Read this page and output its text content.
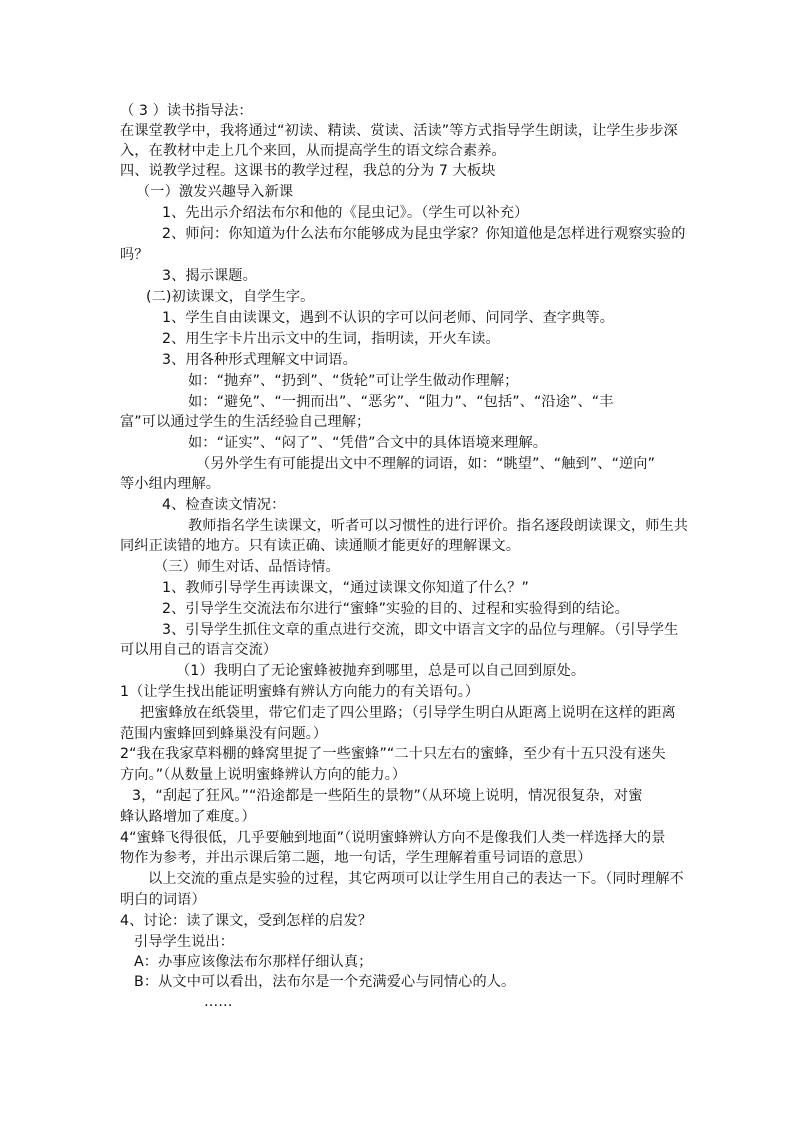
（ 3 ）读书指导法：
在课堂教学中，我将通过“初读、精读、赏读、活读”等方式指导学生朗读，让学生步步深
入，在教材中走上几个来回，从而提高学生的语文综合素养。
四、说教学过程。这课书的教学过程，我总的分为 7 大板块
（一）激发兴趣导入新课
1、先出示介绍法布尔和他的《昆虫记》。（学生可以补充）
2、师问：你知道为什么法布尔能够成为昆虫学家？你知道他是怎样进行观察实验的
吗？
3、揭示课题。
(二)初读课文，自学生字。
1、学生自由读课文，遇到不认识的字可以问老师、问同学、查字典等。
2、用生字卡片出示文中的生词，指明读，开火车读。
3、用各种形式理解文中词语。
如：“抛弃”、“扔到”、“货轮”可让学生做动作理解；
如：“避免”、“一拥而出”、“恶劣”、“阻力”、“包括”、“沿途”、“丰
富”可以通过学生的生活经验自己理解；
如：“证实”、“闷了”、“凭借”合文中的具体语境来理解。
（另外学生有可能提出文中不理解的词语，如：“眺望”、“触到”、“逆向”
等小组内理解。
4、检查读文情况：
教师指名学生读课文，听者可以习惯性的进行评价。指名逐段朗读课文，师生共
同纠正读错的地方。只有读正确、读通顺才能更好的理解课文。
（三）师生对话、品悟诗情。
1、教师引导学生再读课文，“通过读课文你知道了什么？”
2、引导学生交流法布尔进行“蜜蜂”实验的目的、过程和实验得到的结论。
3、引导学生抓住文章的重点进行交流，即文中语言文字的品位与理解。（引导学生
可以用自己的语言交流）
（1）我明白了无论蜜蜂被抛弃到哪里，总是可以自己回到原处。
1（让学生找出能证明蜜蜂有辨认方向能力的有关语句。）
把蜜蜂放在纸袋里，带它们走了四公里路；（引导学生明白从距离上说明在这样的距离
范围内蜜蜂回到蜂巢没有问题。）
2“我在我家草料棚的蜂窝里捉了一些蜜蜂”“二十只左右的蜜蜂，至少有十五只没有迷失
方向。”（从数量上说明蜜蜂辨认方向的能力。）
3，“刮起了狂风。”“沿途都是一些陌生的景物”（从环境上说明，情况很复杂，对蜜
蜂认路增加了难度。）
4“蜜蜂飞得很低，几乎要触到地面”（说明蜜蜂辨认方向不是像我们人类一样选择大的景
物作为参考，并出示课后第二题，地一句话，学生理解着重号词语的意思）
以上交流的重点是实验的过程，其它两项可以让学生用自己的表达一下。（同时理解不
明白的词语）
4、讨论：读了课文，受到怎样的启发？
引导学生说出：
A：办事应该像法布尔那样仔细认真；
B：从文中可以看出，法布尔是一个充满爱心与同情心的人。
……
